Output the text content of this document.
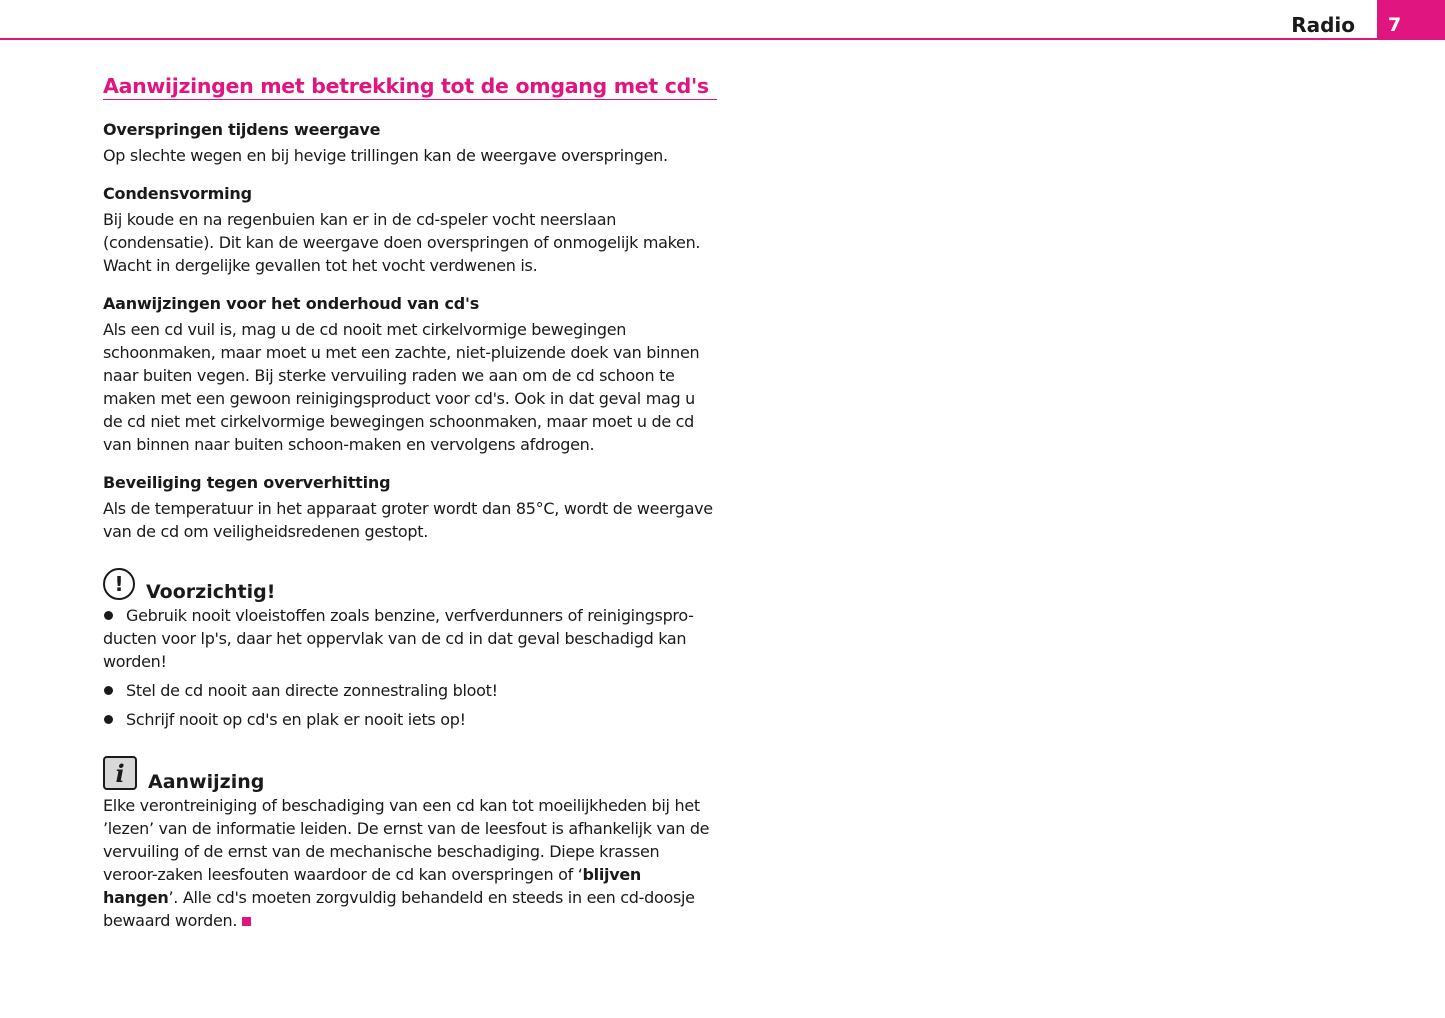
Radio	7
Aanwijzingen met betrekking tot de omgang met cd's
Overspringen tijdens weergave

Op slechte wegen en bij hevige trillingen kan de weergave overspringen.

Condensvorming

Bij koude en na regenbuien kan er in de cd-speler vocht neerslaan (condensatie). Dit kan de weergave doen overspringen of onmogelijk maken. Wacht in dergelijke gevallen tot het vocht verdwenen is.

Aanwijzingen voor het onderhoud van cd's

Als een cd vuil is, mag u de cd nooit met cirkelvormige bewegingen schoonmaken, maar moet u met een zachte, niet-pluizende doek van binnen naar buiten vegen. Bij sterke vervuiling raden we aan om de cd schoon te maken met een gewoon reinigingsproduct voor cd's. Ook in dat geval mag u de cd niet met cirkelvormige bewegingen schoonmaken, maar moet u de cd van binnen naar buiten schoon-maken en vervolgens afdrogen.

Beveiliging tegen oververhitting

Als de temperatuur in het apparaat groter wordt dan 85°C, wordt de weergave van de cd om veiligheidsredenen gestopt.

!	Voorzichtig!
Gebruik nooit vloeistoffen zoals benzine, verfverdunners of reinigingspro-ducten voor lp's, daar het oppervlak van de cd in dat geval beschadigd kan worden!
Stel de cd nooit aan directe zonnestraling bloot!
Schrijf nooit op cd's en plak er nooit iets op!
i	Aanwijzing

Elke verontreiniging of beschadiging van een cd kan tot moeilijkheden bij het ’lezen’ van de informatie leiden. De ernst van de leesfout is afhankelijk van de vervuiling of de ernst van de mechanische beschadiging. Diepe krassen veroor-zaken leesfouten waardoor de cd kan overspringen of ‘blijven hangen’. Alle cd's moeten zorgvuldig behandeld en steeds in een cd-doosje bewaard worden.
